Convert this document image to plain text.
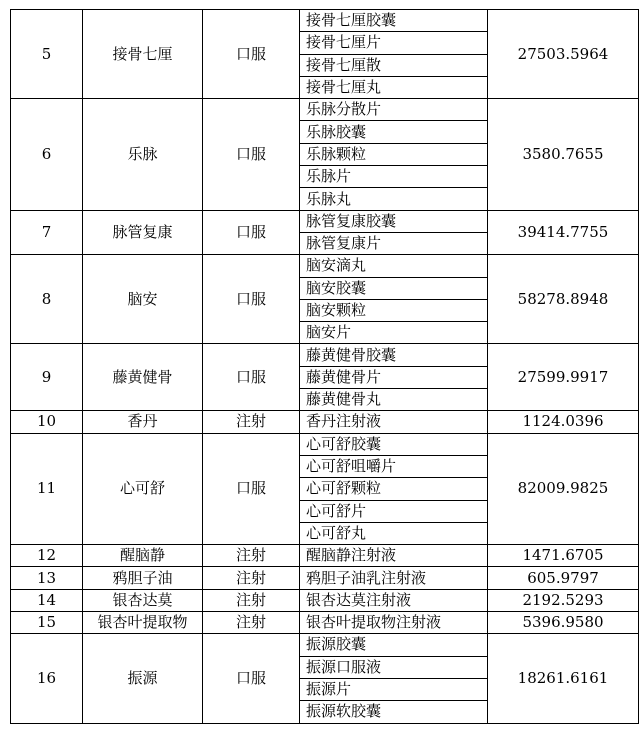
5	接骨七厘	口服	接骨七厘胶囊	27503.5964
			接骨七厘片	
			接骨七厘散	
			接骨七厘丸	
6	乐脉	口服	乐脉分散片	3580.7655
			乐脉胶囊	
			乐脉颗粒	
			乐脉片	
			乐脉丸	
7	脉管复康	口服	脉管复康胶囊	39414.7755
			脉管复康片	
8	脑安	口服	脑安滴丸	58278.8948
			脑安胶囊	
			脑安颗粒	
			脑安片	
9	藤黄健骨	口服	藤黄健骨胶囊	27599.9917
			藤黄健骨片	
			藤黄健骨丸	
10	香丹	注射	香丹注射液	1124.0396
11	心可舒	口服	心可舒胶囊	82009.9825
			心可舒咀嚼片	
			心可舒颗粒	
			心可舒片	
			心可舒丸	
12	醒脑静	注射	醒脑静注射液	1471.6705
13	鸦胆子油	注射	鸦胆子油乳注射液	605.9797
14	银杏达莫	注射	银杏达莫注射液	2192.5293
15	银杏叶提取物	注射	银杏叶提取物注射液	5396.9580
16	振源	口服	振源胶囊	18261.6161
			振源口服液	
			振源片	
			振源软胶囊	
